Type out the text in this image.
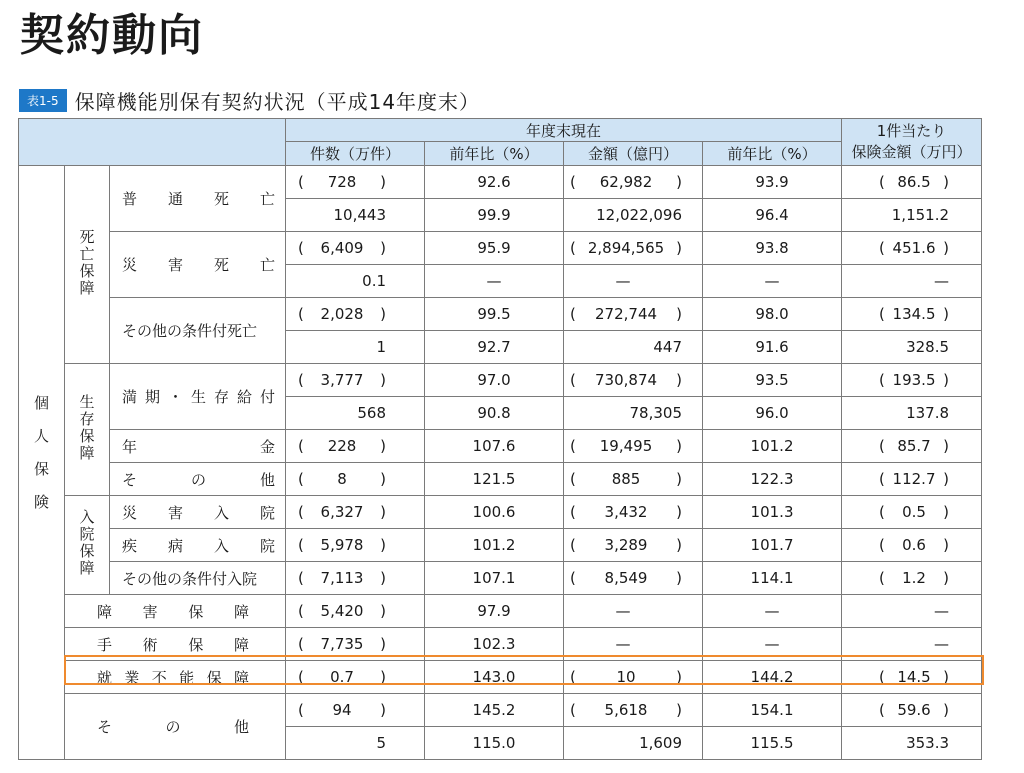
契約動向
表1-5 保障機能別保有契約状況（平成14年度末）
			年度末現在				1件当たり
保険金額（万円）
			件数（万件）	前年比（%）	金額（億円）	前年比（%）	
個人保険	死亡保障	普通死亡	( 728 )	92.6	( 62,982 )	93.9	( 86.5 )

			10,443	99.9	12,022,096	96.4	1,151.2
		災害死亡	( 6,409 )	95.9	( 2,894,565 )	93.8	( 451.6 )

			0.1	—	—	—	—
		その他の条件付死亡	( 2,028 )	99.5	( 272,744 )	98.0	( 134.5 )

			1	92.7	447	91.6	328.5
	生存保障	満期・生存給付	( 3,777 )	97.0	( 730,874 )	93.5	( 193.5 )

			568	90.8	78,305	96.0	137.8
		年金	( 228 )	107.6	( 19,495 )	101.2	( 85.7 )

		その他	( 8 )	121.5	( 885 )	122.3	( 112.7 )

	入院保障	災害入院	( 6,327 )	100.6	( 3,432 )	101.3	( 0.5 )

		疾病入院	( 5,978 )	101.2	( 3,289 )	101.7	( 0.6 )

		その他の条件付入院	( 7,113 )	107.1	( 8,549 )	114.1	( 1.2 )

	障害保障		( 5,420 )	97.9	—	—	—
	手術保障		( 7,735 )	102.3	—	—	—
	就業不能保障		( 0.7 )	143.0	( 10 )	144.2	( 14.5 )

	その他		( 94 )	145.2	( 5,618 )	154.1	( 59.6 )

			5	115.0	1,609	115.5	353.3
